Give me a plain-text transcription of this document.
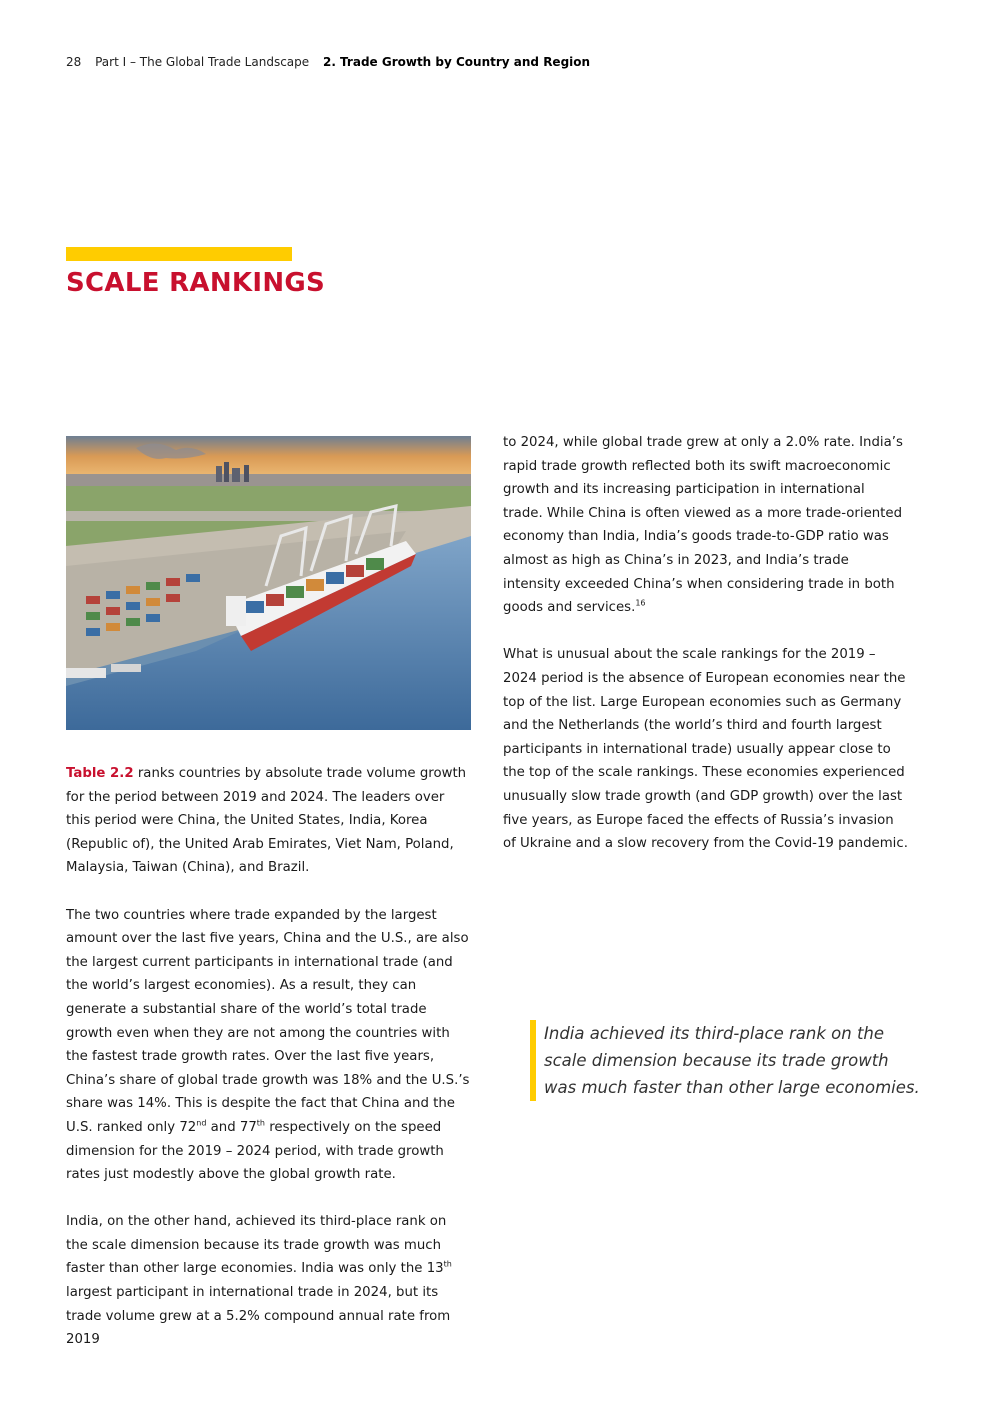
28 Part I – The Global Trade Landscape 2. Trade Growth by Country and Region
SCALE RANKINGS

Table 2.2 ranks countries by absolute trade volume growth for the period between 2019 and 2024. The leaders over this period were China, the United States, India, Korea (Republic of), the United Arab Emirates, Viet Nam, Poland, Malaysia, Taiwan (China), and Brazil.

The two countries where trade expanded by the largest amount over the last five years, China and the U.S., are also the largest current participants in international trade (and the world’s largest economies). As a result, they can generate a substantial share of the world’s total trade growth even when they are not among the countries with the fastest trade growth rates. Over the last five years, China’s share of global trade growth was 18% and the U.S.’s share was 14%. This is despite the fact that China and the U.S. ranked only 72nd and 77th respectively on the speed dimension for the 2019 – 2024 period, with trade growth rates just modestly above the global growth rate.

India, on the other hand, achieved its third-place rank on the scale dimension because its trade growth was much faster than other large economies. India was only the 13th largest participant in international trade in 2024, but its trade volume grew at a 5.2% compound annual rate from 2019

to 2024, while global trade grew at only a 2.0% rate. India’s rapid trade growth reflected both its swift macroeconomic growth and its increasing participation in international trade. While China is often viewed as a more trade-oriented economy than India, India’s goods trade-to-GDP ratio was almost as high as China’s in 2023, and India’s trade intensity exceeded China’s when considering trade in both goods and services.$^{16}$

What is unusual about the scale rankings for the 2019 – 2024 period is the absence of European economies near the top of the list. Large European economies such as Germany and the Netherlands (the world’s third and fourth largest participants in international trade) usually appear close to the top of the scale rankings. These economies experienced unusually slow trade growth (and GDP growth) over the last five years, as Europe faced the effects of Russia’s invasion of Ukraine and a slow recovery from the Covid-19 pandemic.

India achieved its third-place rank on the scale dimension because its trade growth was much faster than other large economies.
